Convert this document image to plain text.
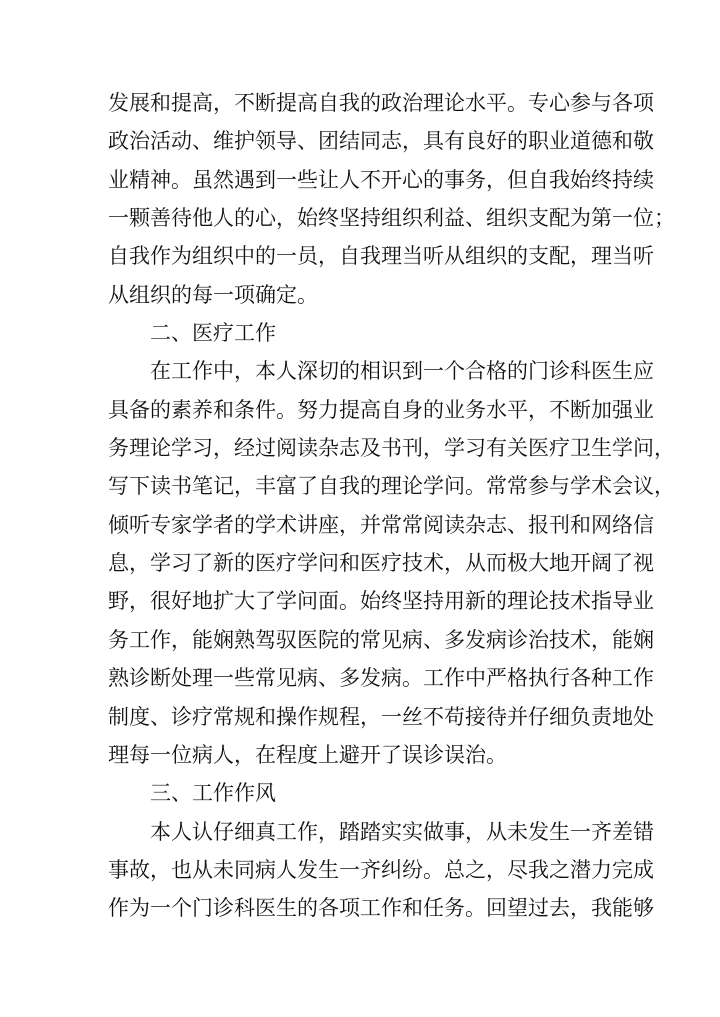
发展和提高，不断提高自我的政治理论水平。专心参与各项
政治活动、维护领导、团结同志，具有良好的职业道德和敬
业精神。虽然遇到一些让人不开心的事务，但自我始终持续
一颗善待他人的心，始终坚持组织利益、组织支配为第一位；
自我作为组织中的一员，自我理当听从组织的支配，理当听
从组织的每一项确定。
二、医疗工作
在工作中，本人深切的相识到一个合格的门诊科医生应
具备的素养和条件。努力提高自身的业务水平，不断加强业
务理论学习，经过阅读杂志及书刊，学习有关医疗卫生学问，
写下读书笔记，丰富了自我的理论学问。常常参与学术会议，
倾听专家学者的学术讲座，并常常阅读杂志、报刊和网络信
息，学习了新的医疗学问和医疗技术，从而极大地开阔了视
野，很好地扩大了学问面。始终坚持用新的理论技术指导业
务工作，能娴熟驾驭医院的常见病、多发病诊治技术，能娴
熟诊断处理一些常见病、多发病。工作中严格执行各种工作
制度、诊疗常规和操作规程，一丝不苟接待并仔细负责地处
理每一位病人，在程度上避开了误诊误治。
三、工作作风
本人认仔细真工作，踏踏实实做事，从未发生一齐差错
事故，也从未同病人发生一齐纠纷。总之，尽我之潜力完成
作为一个门诊科医生的各项工作和任务。回望过去，我能够
